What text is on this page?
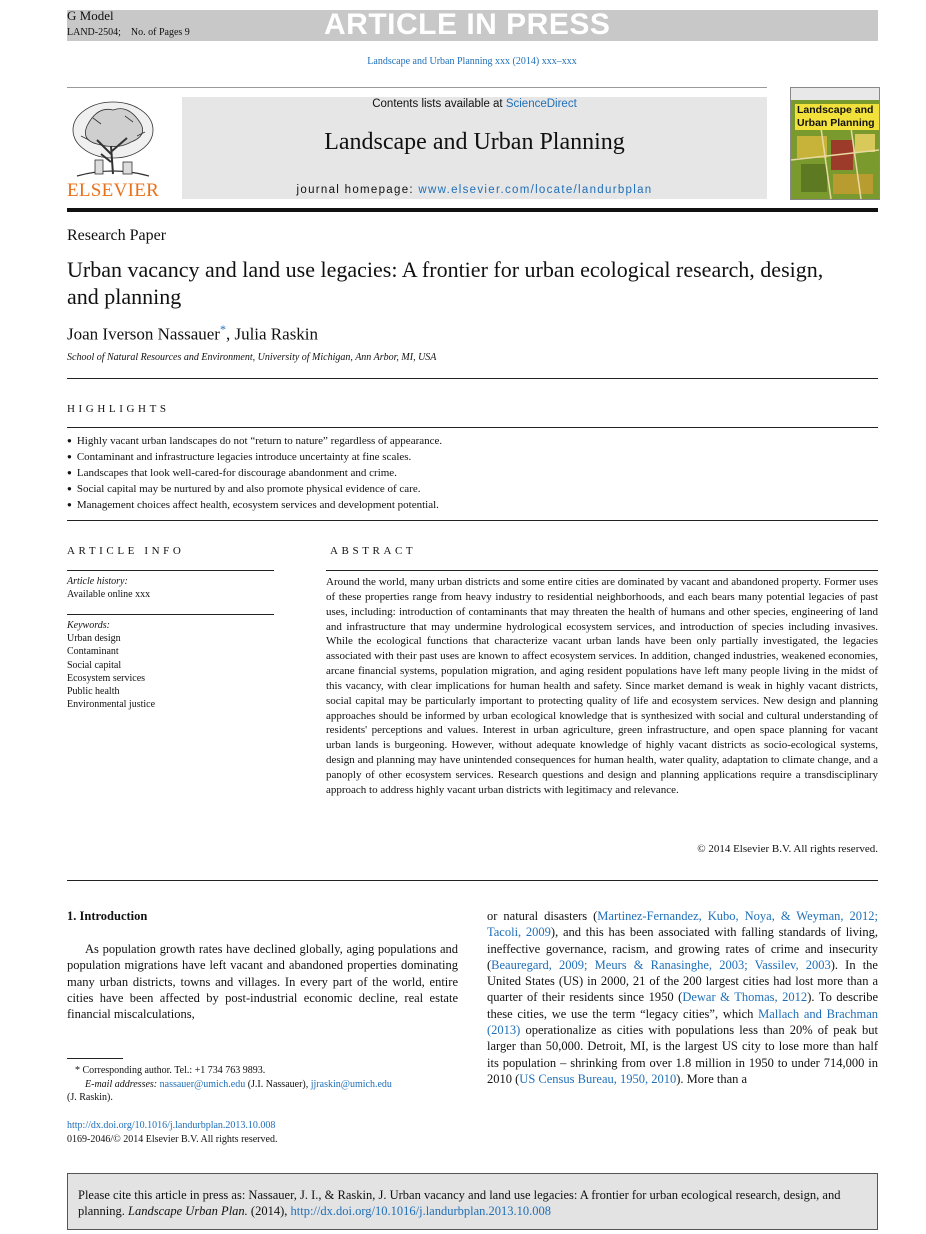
ARTICLE IN PRESS
G Model
LAND-2504; No. of Pages 9
Landscape and Urban Planning xxx (2014) xxx–xxx
ELSEVIER
Contents lists available at ScienceDirect
Landscape and Urban Planning
journal homepage: www.elsevier.com/locate/landurbplan
Landscape and Urban Planning
Research Paper
Urban vacancy and land use legacies: A frontier for urban ecological research, design, and planning
Joan Iverson Nassauer*, Julia Raskin
School of Natural Resources and Environment, University of Michigan, Ann Arbor, MI, USA
HIGHLIGHTS
● Highly vacant urban landscapes do not “return to nature” regardless of appearance.
● Contaminant and infrastructure legacies introduce uncertainty at fine scales.
● Landscapes that look well-cared-for discourage abandonment and crime.
● Social capital may be nurtured by and also promote physical evidence of care.
● Management choices affect health, ecosystem services and development potential.
ARTICLE INFO
Article history:
Available online xxx
Keywords:
Urban design
Contaminant
Social capital
Ecosystem services
Public health
Environmental justice
ABSTRACT
Around the world, many urban districts and some entire cities are dominated by vacant and abandoned property. Former uses of these properties range from heavy industry to residential neighborhoods, and each bears many potential legacies of past uses, including: introduction of contaminants that may threaten the health of humans and other species, engineering of land and infrastructure that may undermine hydrological ecosystem services, and introduction of species including invasives. While the ecological functions that characterize vacant urban lands have been only partially investigated, the legacies associated with their past uses are known to affect ecosystem services. In addition, changed industries, weakened economies, arcane financial systems, population migration, and aging resident populations have left many people living in the midst of this vacancy, with clear implications for human health and safety. Since market demand is weak in highly vacant districts, social capital may be particularly important to protecting quality of life and ecosystem services. New design and planning approaches should be informed by urban ecological knowledge that is synthesized with social and cultural understanding of residents' perceptions and values. Interest in urban agriculture, green infrastructure, and open space planning for vacant urban lands is burgeoning. However, without adequate knowledge of highly vacant districts as socio-ecological systems, design and planning may have unintended consequences for human health, water quality, adaptation to climate change, and a panoply of other ecosystem services. Research questions and design and planning applications require a transdisciplinary approach to address highly vacant urban districts with legitimacy and relevance.
© 2014 Elsevier B.V. All rights reserved.
1. Introduction
As population growth rates have declined globally, aging populations and population migrations have left vacant and abandoned properties dominating many urban districts, towns and villages. In every part of the world, entire cities have been affected by post-industrial economic decline, real estate financial miscalculations,
or natural disasters (Martinez-Fernandez, Kubo, Noya, & Weyman, 2012; Tacoli, 2009), and this has been associated with falling standards of living, ineffective governance, racism, and growing rates of crime and insecurity (Beauregard, 2009; Meurs & Ranasinghe, 2003; Vassilev, 2003). In the United States (US) in 2000, 21 of the 200 largest cities had lost more than a quarter of their residents since 1950 (Dewar & Thomas, 2012). To describe these cities, we use the term “legacy cities”, which Mallach and Brachman (2013) operationalize as cities with populations less than 20% of peak but larger than 50,000. Detroit, MI, is the largest US city to lose more than half its population – shrinking from over 1.8 million in 1950 to under 714,000 in 2010 (US Census Bureau, 1950, 2010). More than a
* Corresponding author. Tel.: +1 734 763 9893.
E-mail addresses: nassauer@umich.edu (J.I. Nassauer), jjraskin@umich.edu
(J. Raskin).
http://dx.doi.org/10.1016/j.landurbplan.2013.10.008
0169-2046/© 2014 Elsevier B.V. All rights reserved.
Please cite this article in press as: Nassauer, J. I., & Raskin, J. Urban vacancy and land use legacies: A frontier for urban ecological research, design, and planning. Landscape Urban Plan. (2014), http://dx.doi.org/10.1016/j.landurbplan.2013.10.008
